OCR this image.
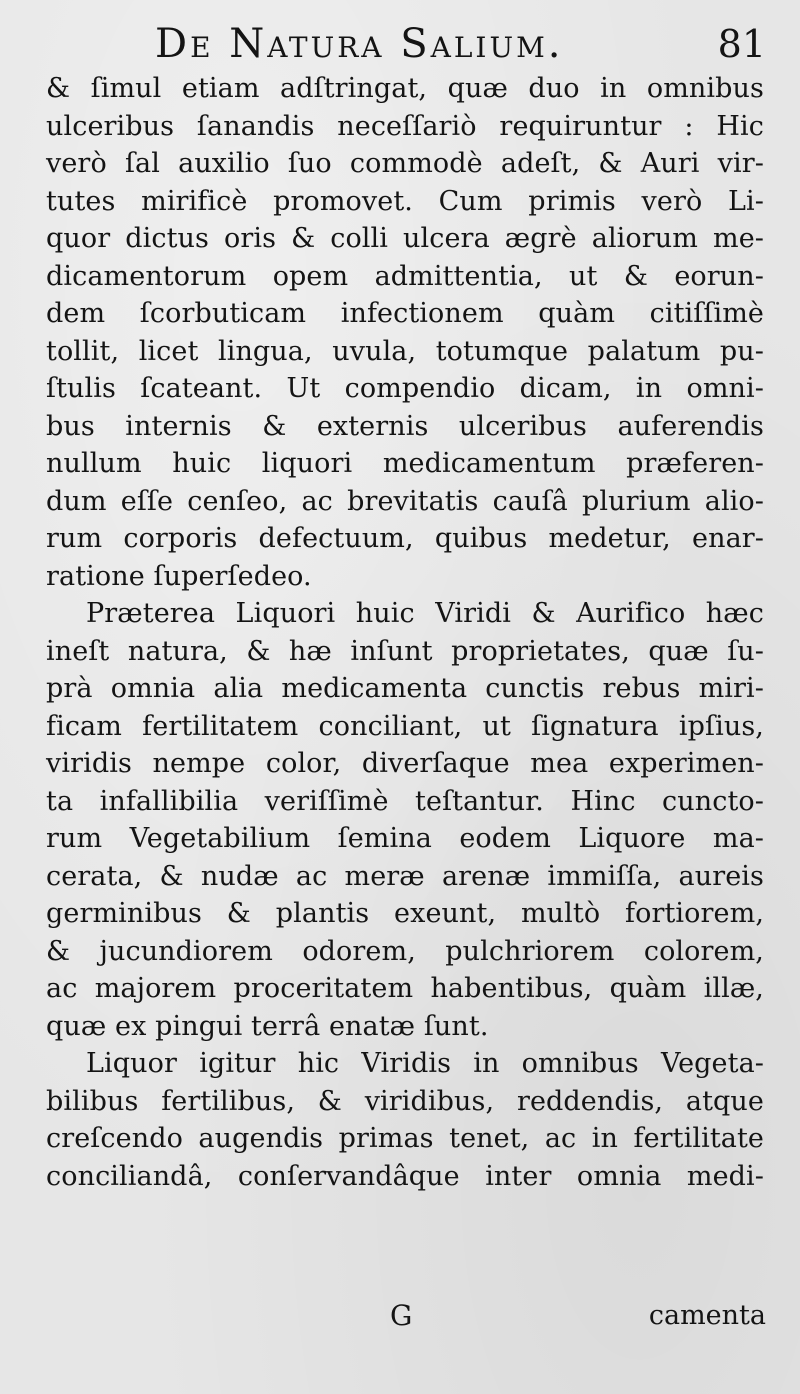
De Natura Salium.	81
& ſimul etiam adſtringat, quæ duo in omnibus
ulceribus ſanandis neceſſariò requiruntur : Hic
verò ſal auxilio ſuo commodè adeſt, & Auri vir-
tutes mirificè promovet. Cum primis verò Li-
quor dictus oris & colli ulcera ægrè aliorum me-
dicamentorum opem admittentia, ut & eorun-
dem ſcorbuticam infectionem quàm citiſſimè
tollit, licet lingua, uvula, totumque palatum pu-
ſtulis ſcateant. Ut compendio dicam, in omni-
bus internis & externis ulceribus auferendis
nullum huic liquori medicamentum præferen-
dum eſſe cenſeo, ac brevitatis cauſâ plurium alio-
rum corporis defectuum, quibus medetur, enar-
ratione ſuperſedeo.
Præterea Liquori huic Viridi & Aurifico hæc
ineſt natura, & hæ inſunt proprietates, quæ ſu-
prà omnia alia medicamenta cunctis rebus miri-
ficam fertilitatem conciliant, ut ſignatura ipſius,
viridis nempe color, diverſaque mea experimen-
ta infallibilia veriſſimè teſtantur. Hinc cuncto-
rum Vegetabilium ſemina eodem Liquore ma-
cerata, & nudæ ac meræ arenæ immiſſa, aureis
germinibus & plantis exeunt, multò fortiorem,
& jucundiorem odorem, pulchriorem colorem,
ac majorem proceritatem habentibus, quàm illæ,
quæ ex pingui terrâ enatæ ſunt.
Liquor igitur hic Viridis in omnibus Vegeta-
bilibus fertilibus, & viridibus, reddendis, atque
creſcendo augendis primas tenet, ac in fertilitate
conciliandâ, conſervandâque inter omnia medi-
G	camenta
